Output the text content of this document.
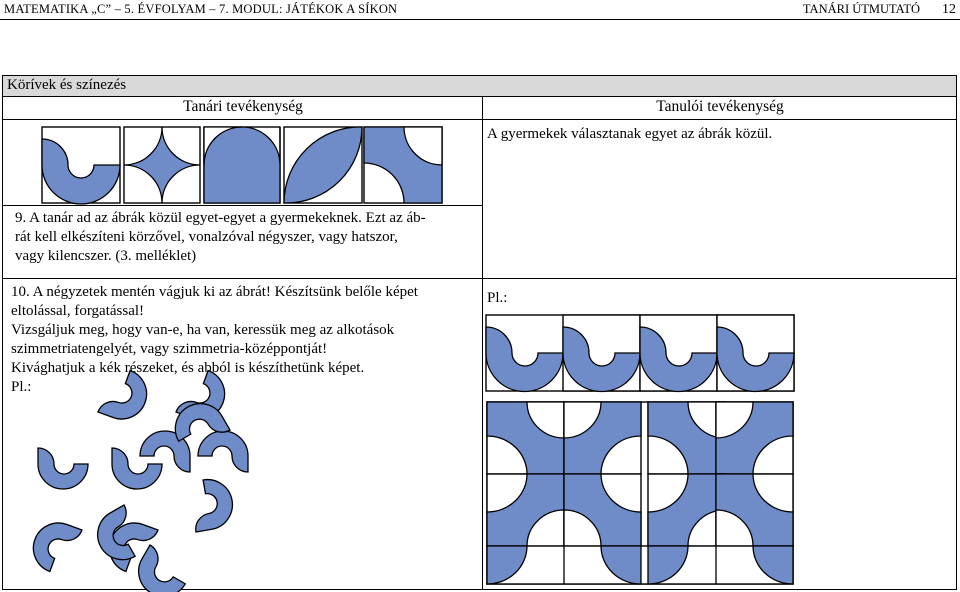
MATEMATIKA „C” – 5. ÉVFOLYAM – 7. MODUL: JÁTÉKOK A SÍKON	TANÁRI ÚTMUTATÓ 12
Körívek és színezés
Tanári tevékenység	Tanulói tevékenység
A gyermekek választanak egyet az ábrák közül.
9. A tanár ad az ábrák közül egyet-egyet a gyermekeknek. Ezt az áb-
rát kell elkészíteni körzővel, vonalzóval négyszer, vagy hatszor,
vagy kilencszer. (3. melléklet)
10. A négyzetek mentén vágjuk ki az ábrát! Készítsünk belőle képet
eltolással, forgatással!
Vizsgáljuk meg, hogy van-e, ha van, keressük meg az alkotások
szimmetriatengelyét, vagy szimmetria-középpontját!
Kivághatjuk a kék részeket, és abból is készíthetünk képet.
Pl.:
Pl.:
